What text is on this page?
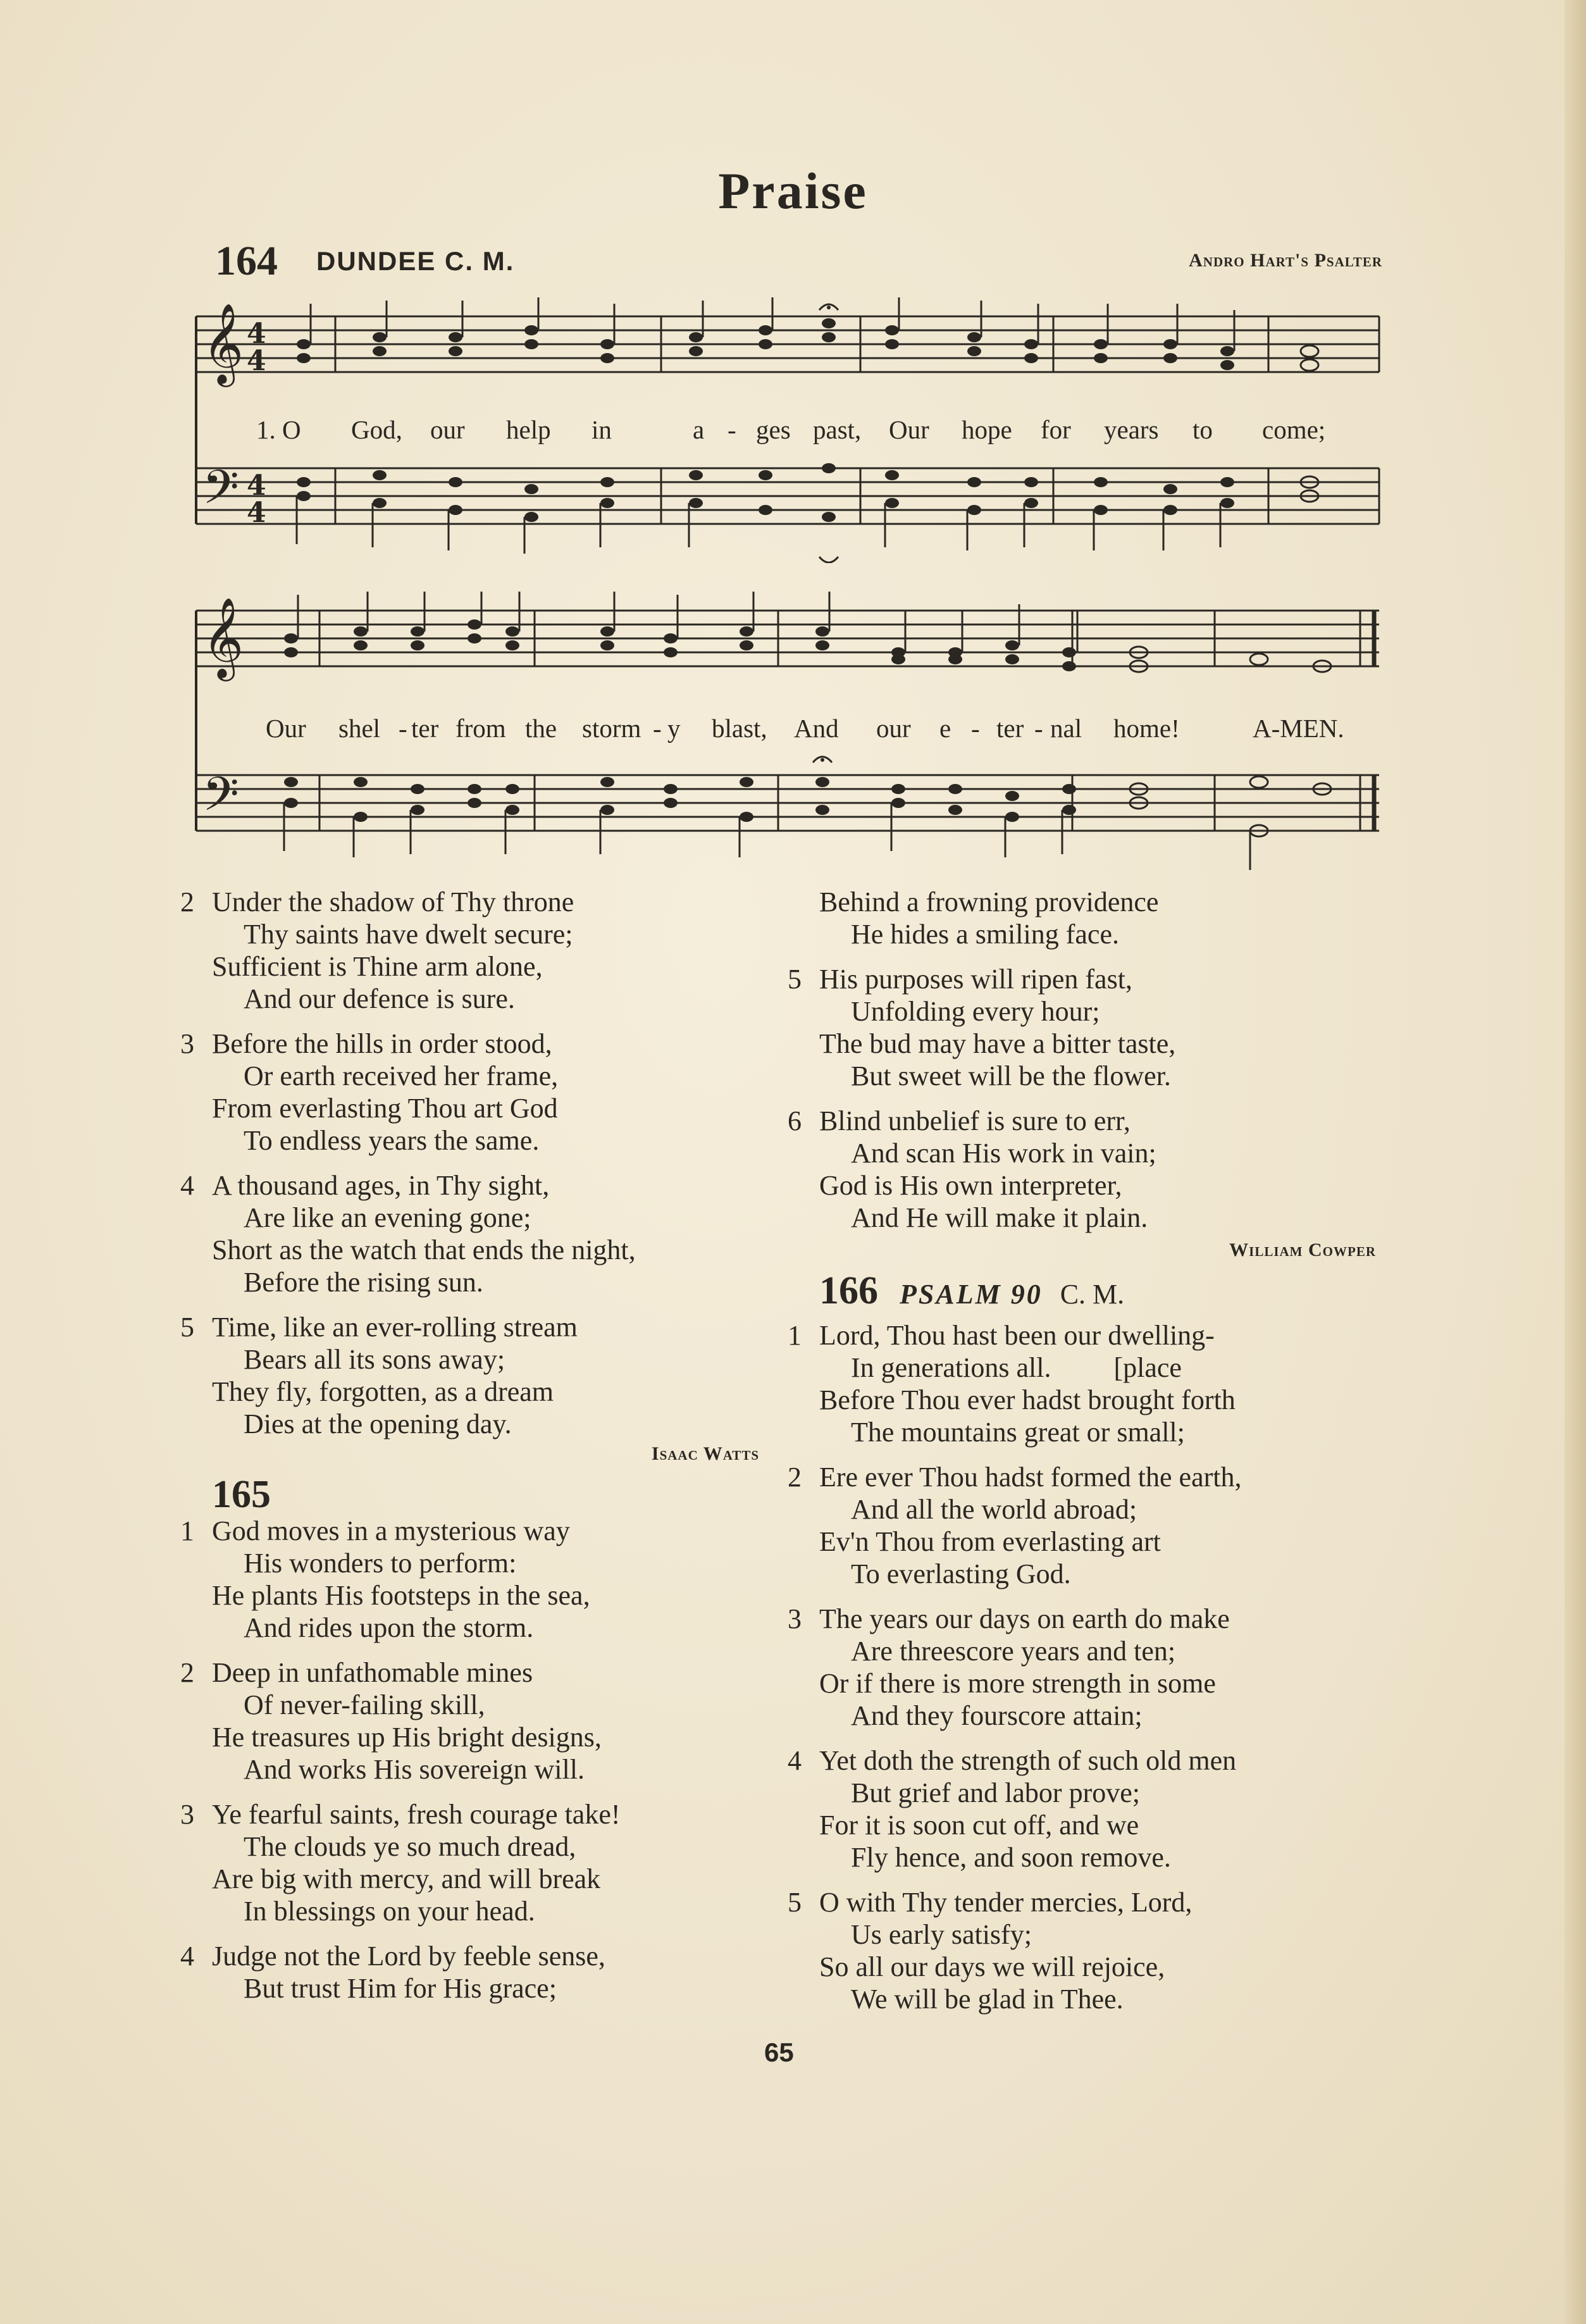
Praise
164 DUNDEE C. M.	Andro Hart's Psalter
𝄞 4
4
𝄢 4
4
1. O God, our help in	a - ges past, Our hope for years to come;
𝄞
𝄢
Our shel - ter from the storm - y blast, And our e - ter - nal home!	A-MEN.
2 Under the shadow of Thy throne
Thy saints have dwelt secure;
Sufficient is Thine arm alone,
And our defence is sure.
3 Before the hills in order stood,
Or earth received her frame,
From everlasting Thou art God
To endless years the same.
4 A thousand ages, in Thy sight,
Are like an evening gone;
Short as the watch that ends the night,
Before the rising sun.
5 Time, like an ever-rolling stream
Bears all its sons away;
They fly, forgotten, as a dream
Dies at the opening day.
Isaac Watts
165
1 God moves in a mysterious way
His wonders to perform:
He plants His footsteps in the sea,
And rides upon the storm.
2 Deep in unfathomable mines
Of never-failing skill,
He treasures up His bright designs,
And works His sovereign will.
3 Ye fearful saints, fresh courage take!
The clouds ye so much dread,
Are big with mercy, and will break
In blessings on your head.
4 Judge not the Lord by feeble sense,
But trust Him for His grace;
Behind a frowning providence
He hides a smiling face.
5 His purposes will ripen fast,
Unfolding every hour;
The bud may have a bitter taste,
But sweet will be the flower.
6 Blind unbelief is sure to err,
And scan His work in vain;
God is His own interpreter,
And He will make it plain.
William Cowper
166 PSALM 90 C. M.
1 Lord, Thou hast been our dwelling-
In generations all.         [place
Before Thou ever hadst brought forth
The mountains great or small;
2 Ere ever Thou hadst formed the earth,
And all the world abroad;
Ev'n Thou from everlasting art
To everlasting God.
3 The years our days on earth do make
Are threescore years and ten;
Or if there is more strength in some
And they fourscore attain;
4 Yet doth the strength of such old men
But grief and labor prove;
For it is soon cut off, and we
Fly hence, and soon remove.
5 O with Thy tender mercies, Lord,
Us early satisfy;
So all our days we will rejoice,
We will be glad in Thee.
65
